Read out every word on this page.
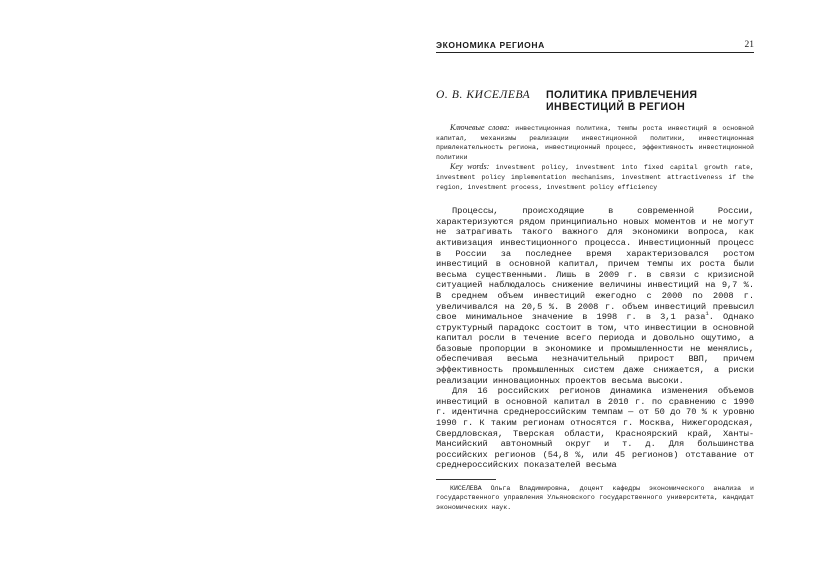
ЭКОНОМИКА РЕГИОНА	21
О. В. КИСЕЛЕВА	ПОЛИТИКА ПРИВЛЕЧЕНИЯ
ИНВЕСТИЦИЙ В РЕГИОН

Ключевые слова: инвестиционная политика, темпы роста инвестиций в основной капитал, механизмы реализации инвестиционной политики, инвестиционная привлекательность региона, инвестиционный процесс, эффективность инвестиционной политики

Key words: investment policy, investment into fixed capital growth rate, investment policy implementation mechanisms, investment attractiveness if the region, investment process, investment policy efficiency

Процессы, происходящие в современной России, характеризуются рядом принципиально новых моментов и не могут не затрагивать такого важного для экономики вопроса, как активизация инвестиционного процесса. Инвестиционный процесс в России за последнее время характеризовался ростом инвестиций в основной капитал, причем темпы их роста были весьма существенными. Лишь в 2009 г. в связи с кризисной ситуацией наблюдалось снижение величины инвестиций на 9,7 %. В среднем объем инвестиций ежегодно с 2000 по 2008 г. увеличивался на 20,5 %. В 2008 г. объем инвестиций превысил свое минимальное значение в 1998 г. в 3,1 раза$^1$. Однако структурный парадокс состоит в том, что инвестиции в основной капитал росли в течение всего периода и довольно ощутимо, а базовые пропорции в экономике и промышленности не менялись, обеспечивая весьма незначительный прирост ВВП, причем эффективность промышленных систем даже снижается, а риски реализации инновационных проектов весьма высоки.

Для 16 российских регионов динамика изменения объемов инвестиций в основной капитал в 2010 г. по сравнению с 1990 г. идентична среднероссийским темпам — от 50 до 70 % к уровню 1990 г. К таким регионам относятся г. Москва, Нижегородская, Свердловская, Тверская области, Красноярский край, Ханты-Мансийский автономный округ и т. д. Для большинства российских регионов (54,8 %, или 45 регионов) отставание от среднероссийских показателей весьма

КИСЕЛЕВА Ольга Владимировна, доцент кафедры экономического анализа и государственного управления Ульяновского государственного университета, кандидат экономических наук.
